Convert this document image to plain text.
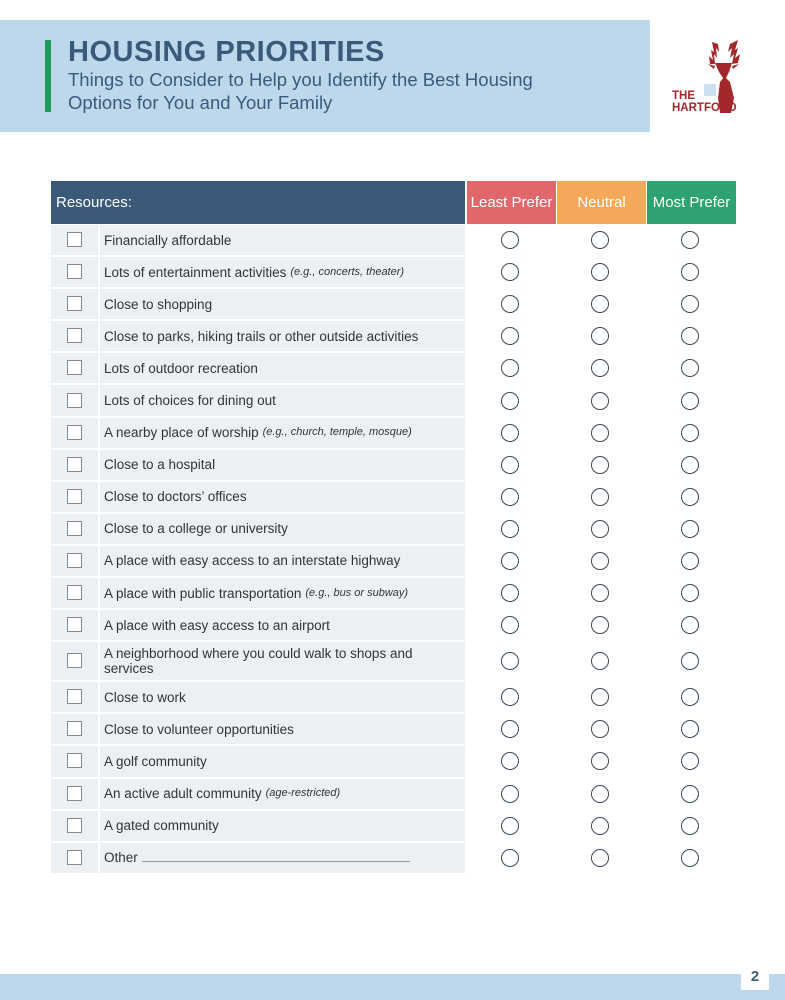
HOUSING PRIORITIES
Things to Consider to Help you Identify the Best Housing Options for You and Your Family	THE
HARTFORD
Resources:	Least Prefer	Neutral	Most Prefer
Financially affordable
Lots of entertainment activities (e.g., concerts, theater)
Close to shopping
Close to parks, hiking trails or other outside activities
Lots of outdoor recreation
Lots of choices for dining out
A nearby place of worship (e.g., church, temple, mosque)
Close to a hospital
Close to doctors’ offices
Close to a college or university
A place with easy access to an interstate highway
A place with public transportation (e.g., bus or subway)
A place with easy access to an airport
A neighborhood where you could walk to shops and services
Close to work
Close to volunteer opportunities
A golf community
An active adult community (age-restricted)
A gated community
Other
2
